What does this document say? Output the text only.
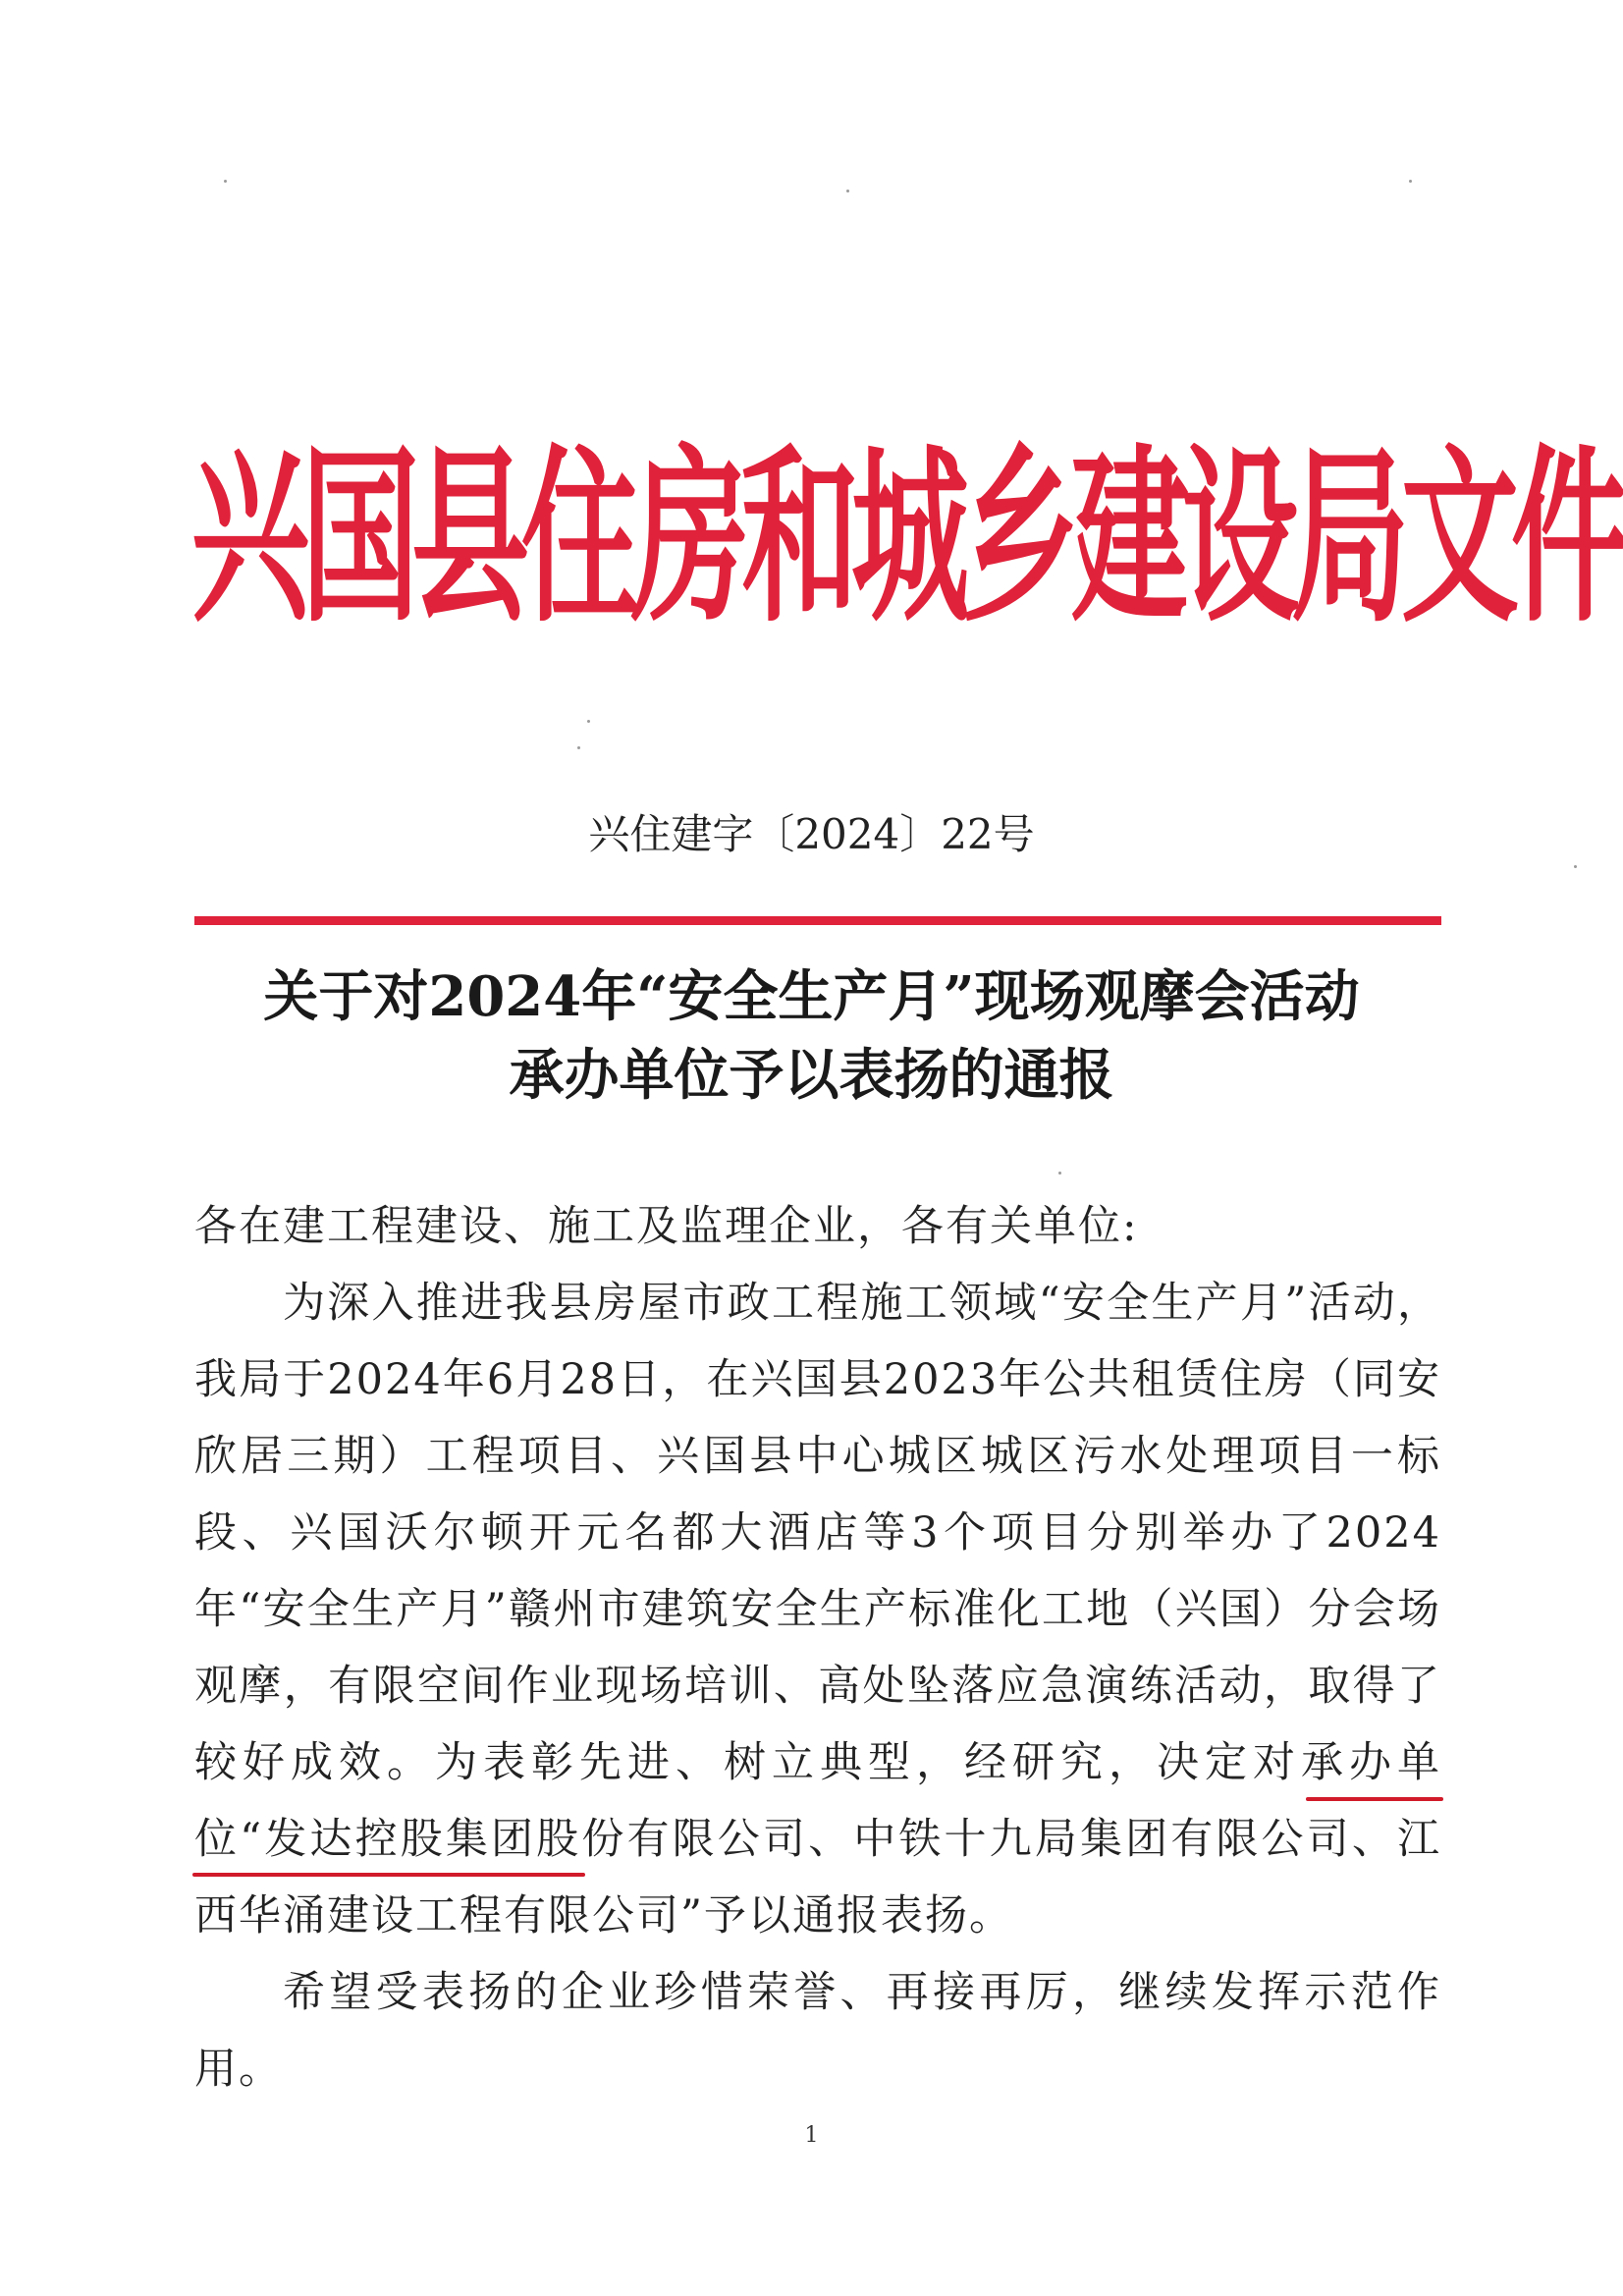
兴国县住房和城乡建设局文件
兴住建字〔2024〕22号
关于对2024年“安全生产月”现场观摩会活动
承办单位予以表扬的通报

各在建工程建设、施工及监理企业，各有关单位:

为深入推进我县房屋市政工程施工领域“安全生产月”活动，我局于2024年6月28日，在兴国县2023年公共租赁住房（同安欣居三期）工程项目、兴国县中心城区城区污水处理项目一标段、兴国沃尔顿开元名都大酒店等3个项目分别举办了2024年“安全生产月”赣州市建筑安全生产标准化工地（兴国）分会场观摩，有限空间作业现场培训、高处坠落应急演练活动，取得了较好成效。为表彰先进、树立典型，经研究，决定对承办单位“发达控股集团股份有限公司、中铁十九局集团有限公司、江西华涌建设工程有限公司”予以通报表扬。

希望受表扬的企业珍惜荣誉、再接再厉，继续发挥示范作用。

1
